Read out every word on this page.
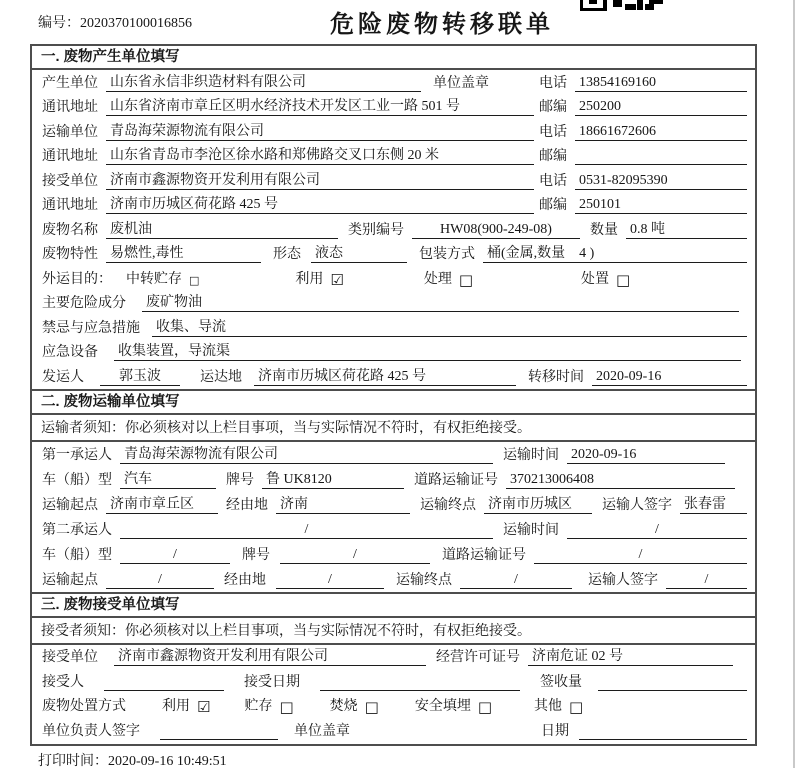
编号：2020370100016856	危险废物转移联单
一. 废物产生单位填写
产生单位 山东省永信非织造材料有限公司	单位盖章	电话 13854169160
通讯地址 山东省济南市章丘区明水经济技术开发区工业一路 501 号	邮编 250200
运输单位 青岛海荣源物流有限公司	电话 18661672606
通讯地址 山东省青岛市李沧区徐水路和郑佛路交叉口东侧 20 米	邮编
接受单位 济南市鑫源物资开发利用有限公司	电话 0531-82095390
通讯地址 济南市历城区荷花路 425 号	邮编 250101
废物名称 废机油	类别编号	HW08(900-249-08)	数量 0.8 吨
废物特性 易燃性,毒性	形态 液态	包装方式 桶(金属,数量　4 )
外运目的： 中转贮存 □	利用 ☑	处理 □	处置 □
主要危险成分 废矿物油
禁忌与应急措施 收集、导流
应急设备 收集装置，导流渠
发运人	郭玉波	运达地 济南市历城区荷花路 425 号	转移时间 2020-09-16
二. 废物运输单位填写
运输者须知：你必须核对以上栏目事项，当与实际情况不符时，有权拒绝接受。
第一承运人 青岛海荣源物流有限公司	运输时间 2020-09-16
车（船）型 汽车	牌号 鲁 UK8120	道路运输证号 370213006408
运输起点 济南市章丘区	经由地 济南	运输终点 济南市历城区	运输人签字 张春雷
第二承运人	/	运输时间	/
车（船）型	/	牌号	/	道路运输证号	/
运输起点	/	经由地	/	运输终点	/	运输人签字	/
三. 废物接受单位填写
接受者须知：你必须核对以上栏目事项，当与实际情况不符时，有权拒绝接受。
接受单位 济南市鑫源物资开发利用有限公司	经营许可证号 济南危证 02 号
接受人	接受日期	签收量
废物处置方式	利用 ☑ 贮存 □	焚烧 □	安全填埋 □	其他 □
单位负责人签字	单位盖章	日期
打印时间：2020-09-16 10:49:51
